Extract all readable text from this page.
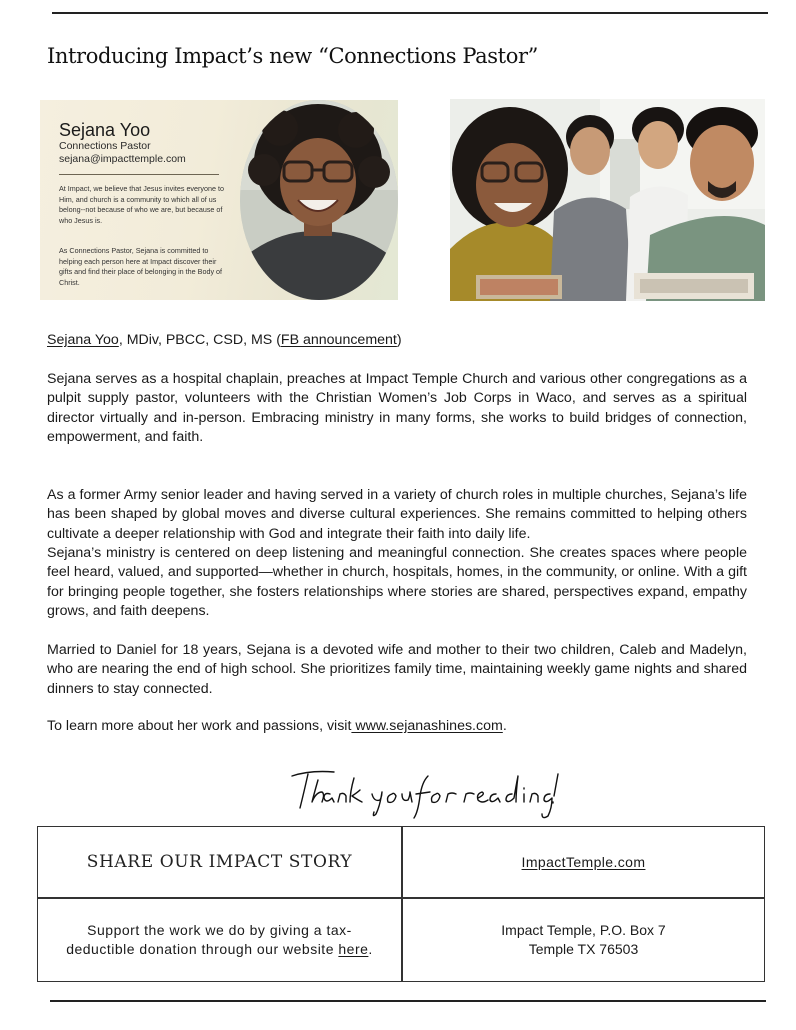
Introducing Impact’s new “Connections Pastor”
Sejana Yoo
Connections Pastor
sejana@impacttemple.com

At Impact, we believe that Jesus invites everyone to Him, and church is a community to which all of us belong--not because of who we are, but because of who Jesus is.

As Connections Pastor, Sejana is committed to helping each person here at Impact discover their gifts and find their place of belonging in the Body of Christ.

Sejana Yoo, MDiv, PBCC, CSD, MS (FB announcement)

Sejana serves as a hospital chaplain, preaches at Impact Temple Church and various other congregations as a pulpit supply pastor, volunteers with the Christian Women’s Job Corps in Waco, and serves as a spiritual director virtually and in-person. Embracing ministry in many forms, she works to build bridges of connection, empowerment, and faith.

As a former Army senior leader and having served in a variety of church roles in multiple churches, Sejana’s life has been shaped by global moves and diverse cultural experiences. She remains committed to helping others cultivate a deeper relationship with God and integrate their faith into daily life.

Sejana’s ministry is centered on deep listening and meaningful connection. She creates spaces where people feel heard, valued, and supported—whether in church, hospitals, homes, in the community, or online. With a gift for bringing people together, she fosters relationships where stories are shared, perspectives expand, empathy grows, and faith deepens.

Married to Daniel for 18 years, Sejana is a devoted wife and mother to their two children, Caleb and Madelyn, who are nearing the end of high school. She prioritizes family time, maintaining weekly game nights and shared dinners to stay connected.

To learn more about her work and passions, visit www.sejanashines.com.

SHARE OUR IMPACT STORY	ImpactTemple.com
Support the work we do by giving a tax-
deductible donation through our website here.
Impact Temple, P.O. Box 7
Temple TX 76503
